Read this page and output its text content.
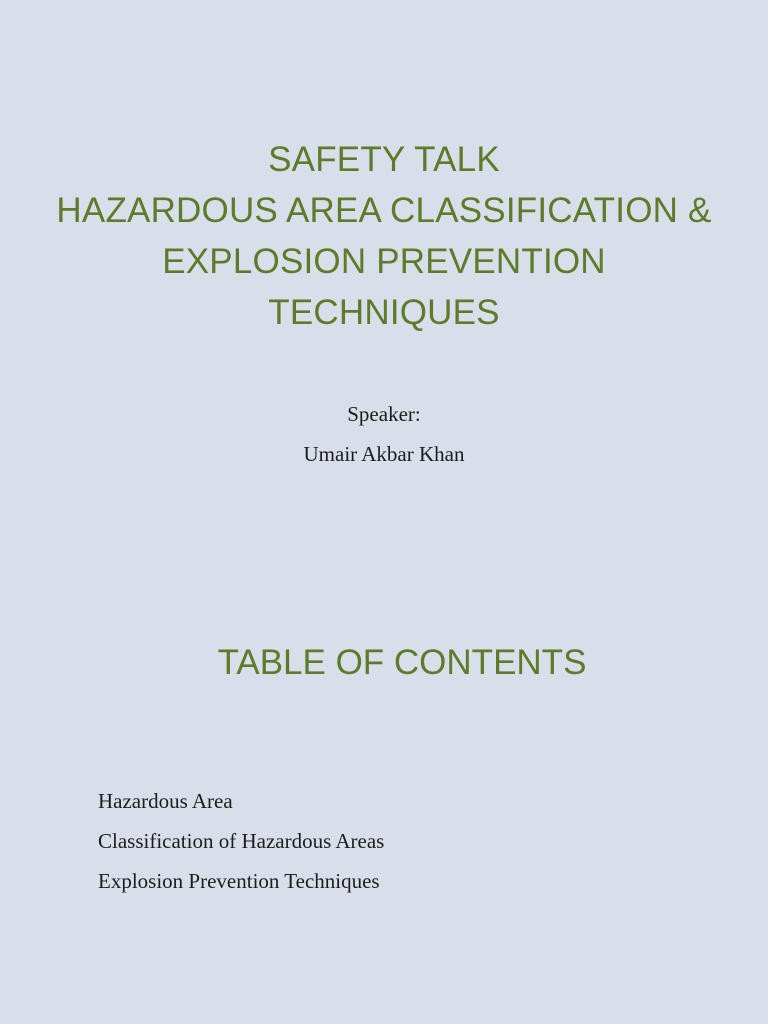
SAFETY TALK
HAZARDOUS AREA CLASSIFICATION &
EXPLOSION PREVENTION
TECHNIQUES
Speaker:
Umair Akbar Khan
TABLE OF CONTENTS
Hazardous Area
Classification of Hazardous Areas
Explosion Prevention Techniques
